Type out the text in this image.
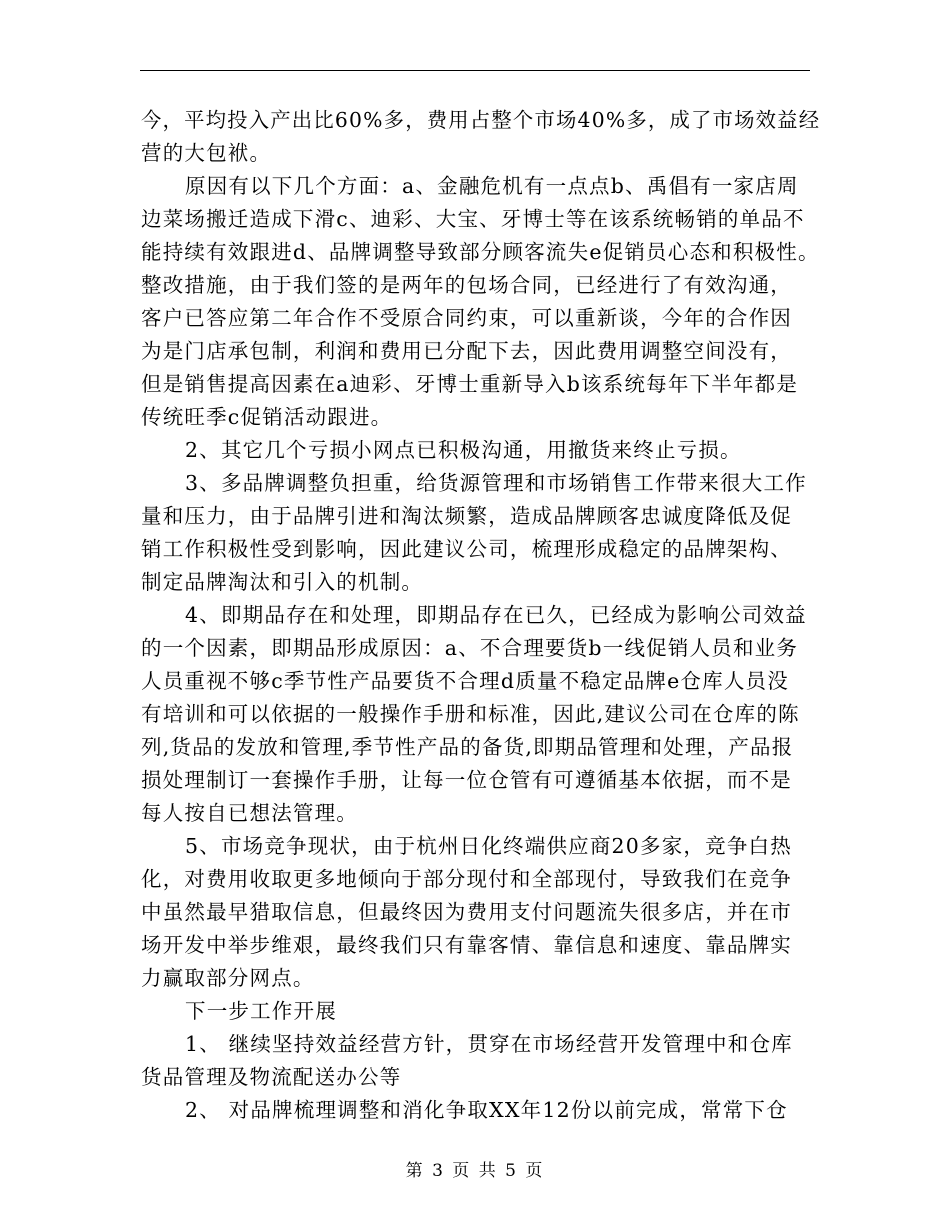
今，平均投入产出比60%多，费用占整个市场40%多，成了市场效益经
营的大包袱。
原因有以下几个方面：a、金融危机有一点点b、禹倡有一家店周
边菜场搬迁造成下滑c、迪彩、大宝、牙博士等在该系统畅销的单品不
能持续有效跟进d、品牌调整导致部分顾客流失e促销员心态和积极性。
整改措施，由于我们签的是两年的包场合同，已经进行了有效沟通，
客户已答应第二年合作不受原合同约束，可以重新谈，今年的合作因
为是门店承包制，利润和费用已分配下去，因此费用调整空间没有，
但是销售提高因素在a迪彩、牙博士重新导入b该系统每年下半年都是
传统旺季c促销活动跟进。
2、其它几个亏损小网点已积极沟通，用撤货来终止亏损。
3、多品牌调整负担重，给货源管理和市场销售工作带来很大工作
量和压力，由于品牌引进和淘汰频繁，造成品牌顾客忠诚度降低及促
销工作积极性受到影响，因此建议公司，梳理形成稳定的品牌架构、
制定品牌淘汰和引入的机制。
4、即期品存在和处理，即期品存在已久，已经成为影响公司效益
的一个因素，即期品形成原因：a、不合理要货b一线促销人员和业务
人员重视不够c季节性产品要货不合理d质量不稳定品牌e仓库人员没
有培训和可以依据的一般操作手册和标准，因此,建议公司在仓库的陈
列,货品的发放和管理,季节性产品的备货,即期品管理和处理，产品报
损处理制订一套操作手册，让每一位仓管有可遵循基本依据，而不是
每人按自已想法管理。
5、市场竞争现状，由于杭州日化终端供应商20多家，竞争白热
化，对费用收取更多地倾向于部分现付和全部现付，导致我们在竞争
中虽然最早猎取信息，但最终因为费用支付问题流失很多店，并在市
场开发中举步维艰，最终我们只有靠客情、靠信息和速度、靠品牌实
力赢取部分网点。
下一步工作开展
1、 继续坚持效益经营方针，贯穿在市场经营开发管理中和仓库
货品管理及物流配送办公等
2、 对品牌梳理调整和消化争取XX年12份以前完成，常常下仓
第 3 页 共 5 页
